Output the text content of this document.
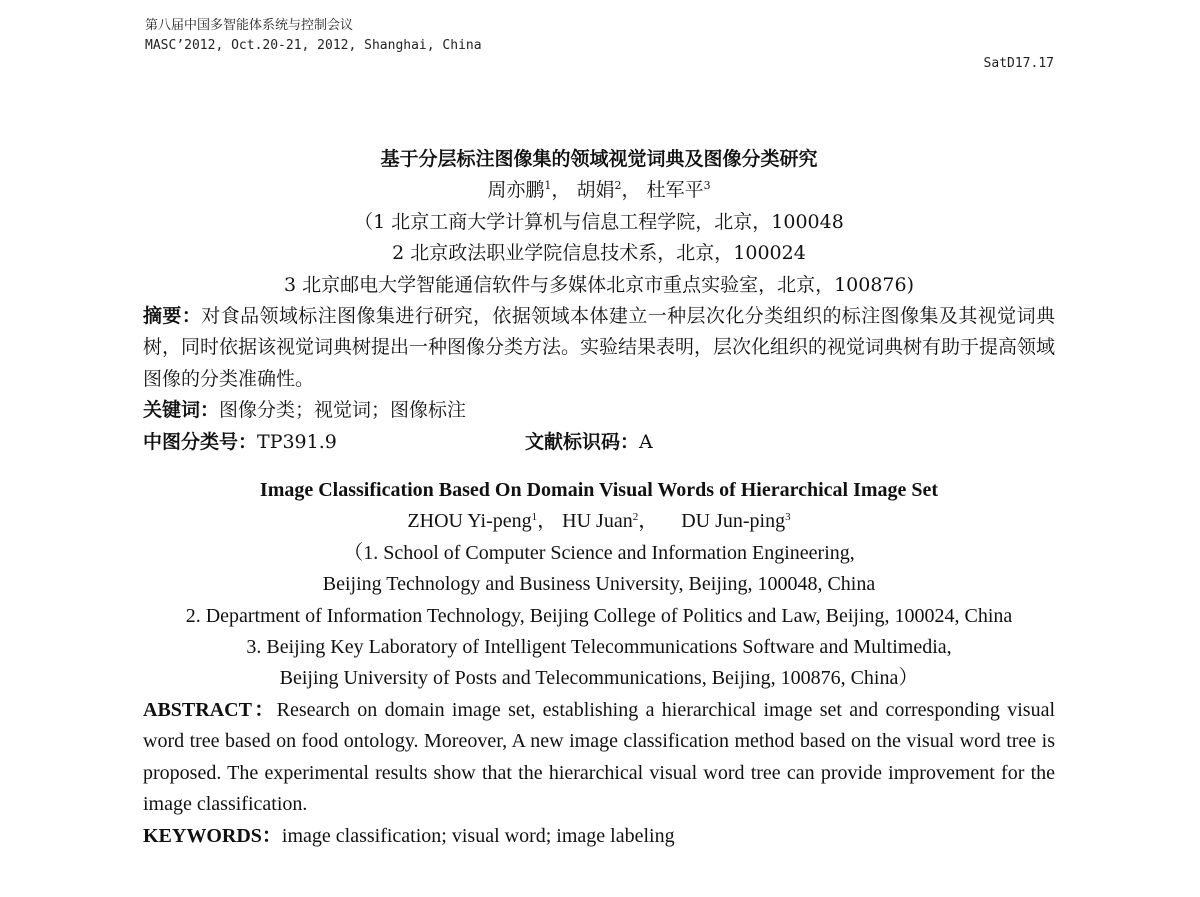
第八届中国多智能体系统与控制会议
MASC’2012, Oct.20-21, 2012, Shanghai, China
SatD17.17
基于分层标注图像集的领域视觉词典及图像分类研究
周亦鹏$^1$， 胡娟$^2$， 杜军平$^3$
（1 北京工商大学计算机与信息工程学院，北京，100048
2 北京政法职业学院信息技术系，北京，100024
3 北京邮电大学智能通信软件与多媒体北京市重点实验室，北京，100876)
摘要：对食品领域标注图像集进行研究，依据领域本体建立一种层次化分类组织的标注图像集及其视觉词典树，同时依据该视觉词典树提出一种图像分类方法。实验结果表明，层次化组织的视觉词典树有助于提高领域图像的分类准确性。
关键词：图像分类；视觉词；图像标注
中图分类号：TP391.9	文献标识码：A
Image Classification Based On Domain Visual Words of Hierarchical Image Set
ZHOU Yi-peng$^1$， HU Juan$^2$， DU Jun-ping$^3$
（1. School of Computer Science and Information Engineering,
Beijing Technology and Business University, Beijing, 100048, China
2. Department of Information Technology, Beijing College of Politics and Law, Beijing, 100024, China
3. Beijing Key Laboratory of Intelligent Telecommunications Software and Multimedia,
Beijing University of Posts and Telecommunications, Beijing, 100876, China）
ABSTRACT：Research on domain image set, establishing a hierarchical image set and corresponding visual word tree based on food ontology. Moreover, A new image classification method based on the visual word tree is proposed. The experimental results show that the hierarchical visual word tree can provide improvement for the image classification.
KEYWORDS：image classification; visual word; image labeling
